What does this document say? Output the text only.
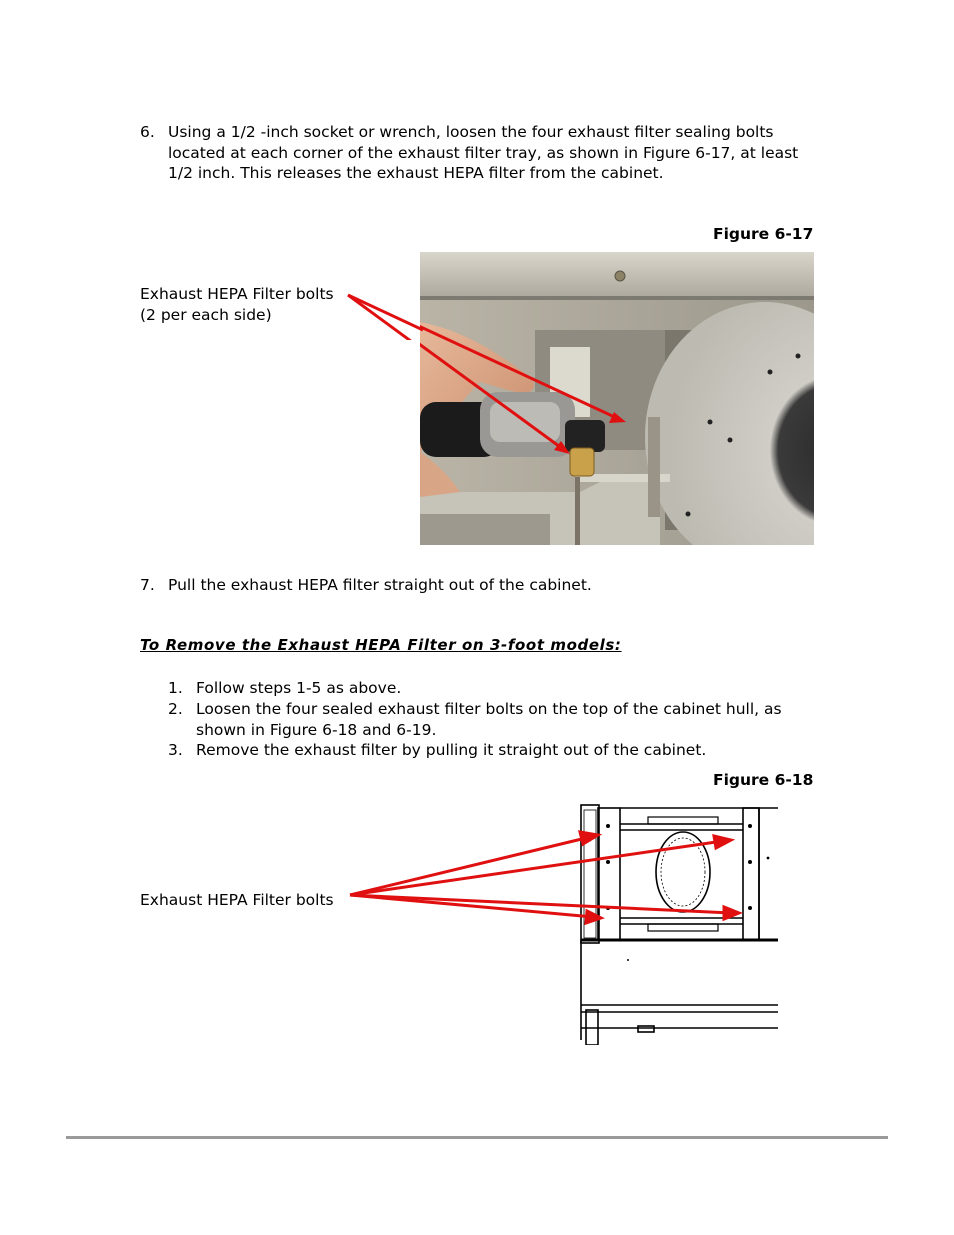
6. Using a 1/2 -inch socket or wrench, loosen the four exhaust filter sealing bolts
located at each corner of the exhaust filter tray, as shown in Figure 6-17, at least
1/2 inch. This releases the exhaust HEPA filter from the cabinet.
Figure 6-17
Exhaust HEPA Filter bolts
(2 per each side)
7. Pull the exhaust HEPA filter straight out of the cabinet.
To Remove the Exhaust HEPA Filter on 3-foot models:
1. Follow steps 1-5 as above.
2. Loosen the four sealed exhaust filter bolts on the top of the cabinet hull, as
shown in Figure 6-18 and 6-19.
3. Remove the exhaust filter by pulling it straight out of the cabinet.
Figure 6-18
Exhaust HEPA Filter bolts
